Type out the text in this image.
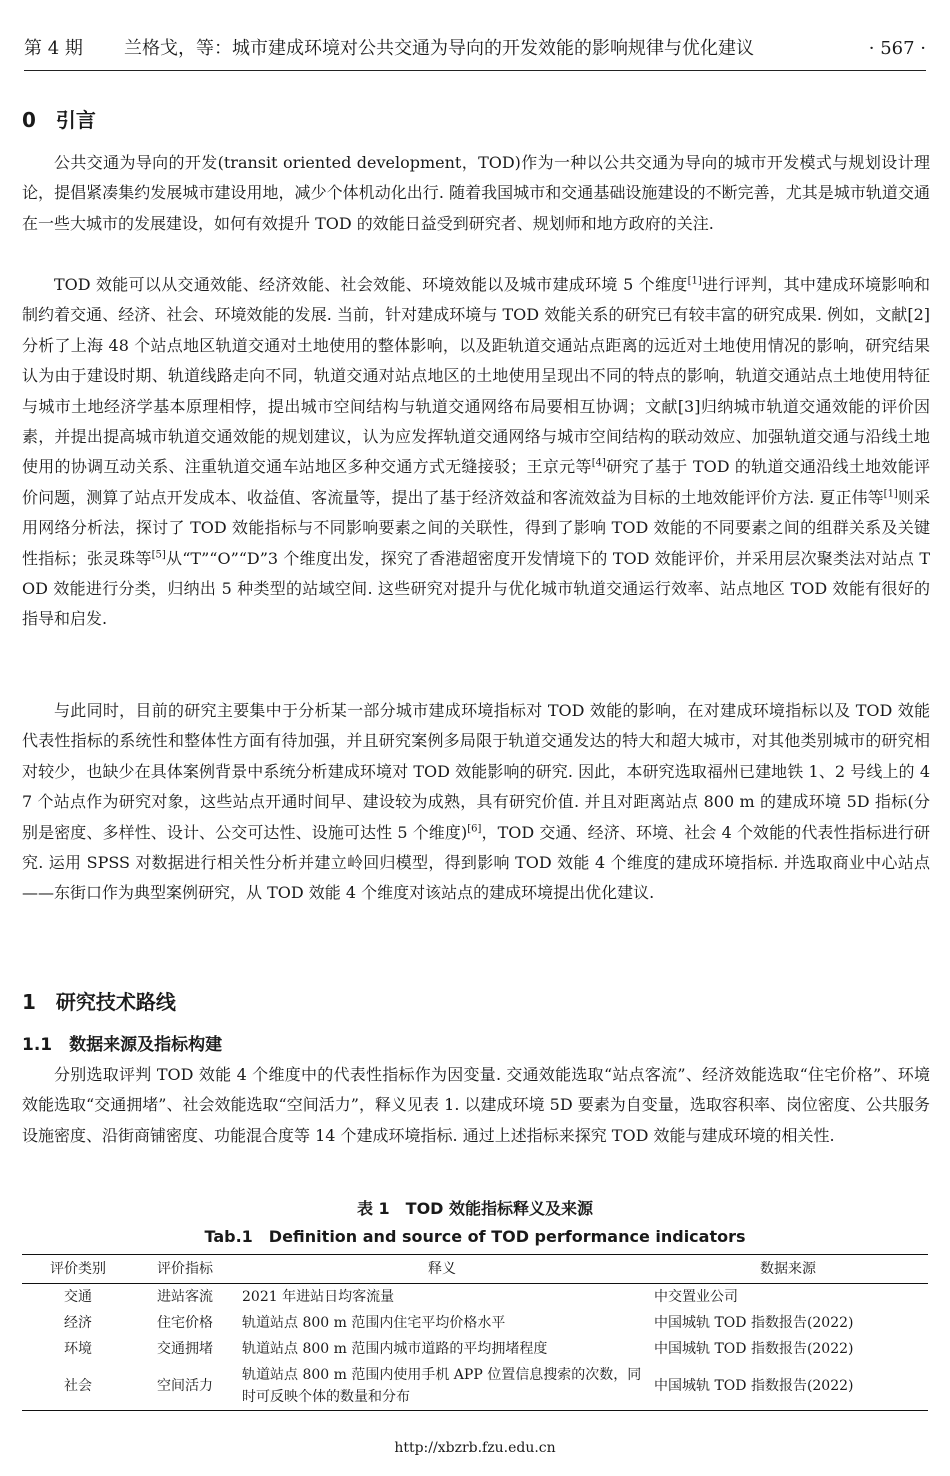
第 4 期 兰格戈，等：城市建成环境对公共交通为导向的开发效能的影响规律与优化建议	· 567 ·
0　引言

公共交通为导向的开发(transit oriented development，TOD)作为一种以公共交通为导向的城市开发模式与规划设计理论，提倡紧凑集约发展城市建设用地，减少个体机动化出行. 随着我国城市和交通基础设施建设的不断完善，尤其是城市轨道交通在一些大城市的发展建设，如何有效提升 TOD 的效能日益受到研究者、规划师和地方政府的关注.

TOD 效能可以从交通效能、经济效能、社会效能、环境效能以及城市建成环境 5 个维度[1]进行评判，其中建成环境影响和制约着交通、经济、社会、环境效能的发展. 当前，针对建成环境与 TOD 效能关系的研究已有较丰富的研究成果. 例如，文献[2]分析了上海 48 个站点地区轨道交通对土地使用的整体影响，以及距轨道交通站点距离的远近对土地使用情况的影响，研究结果认为由于建设时期、轨道线路走向不同，轨道交通对站点地区的土地使用呈现出不同的特点的影响，轨道交通站点土地使用特征与城市土地经济学基本原理相悖，提出城市空间结构与轨道交通网络布局要相互协调；文献[3]归纳城市轨道交通效能的评价因素，并提出提高城市轨道交通效能的规划建议，认为应发挥轨道交通网络与城市空间结构的联动效应、加强轨道交通与沿线土地使用的协调互动关系、注重轨道交通车站地区多种交通方式无缝接驳；王京元等[4]研究了基于 TOD 的轨道交通沿线土地效能评价问题，测算了站点开发成本、收益值、客流量等，提出了基于经济效益和客流效益为目标的土地效能评价方法. 夏正伟等[1]则采用网络分析法，探讨了 TOD 效能指标与不同影响要素之间的关联性，得到了影响 TOD 效能的不同要素之间的组群关系及关键性指标；张灵珠等[5]从“T”“O”“D”3 个维度出发，探究了香港超密度开发情境下的 TOD 效能评价，并采用层次聚类法对站点 TOD 效能进行分类，归纳出 5 种类型的站域空间. 这些研究对提升与优化城市轨道交通运行效率、站点地区 TOD 效能有很好的指导和启发.

与此同时，目前的研究主要集中于分析某一部分城市建成环境指标对 TOD 效能的影响，在对建成环境指标以及 TOD 效能代表性指标的系统性和整体性方面有待加强，并且研究案例多局限于轨道交通发达的特大和超大城市，对其他类别城市的研究相对较少，也缺少在具体案例背景中系统分析建成环境对 TOD 效能影响的研究. 因此，本研究选取福州已建地铁 1、2 号线上的 47 个站点作为研究对象，这些站点开通时间早、建设较为成熟，具有研究价值. 并且对距离站点 800 m 的建成环境 5D 指标(分别是密度、多样性、设计、公交可达性、设施可达性 5 个维度)[6]，TOD 交通、经济、环境、社会 4 个效能的代表性指标进行研究. 运用 SPSS 对数据进行相关性分析并建立岭回归模型，得到影响 TOD 效能 4 个维度的建成环境指标. 并选取商业中心站点——东街口作为典型案例研究，从 TOD 效能 4 个维度对该站点的建成环境提出优化建议.

1　研究技术路线
1.1　数据来源及指标构建

分别选取评判 TOD 效能 4 个维度中的代表性指标作为因变量. 交通效能选取“站点客流”、经济效能选取“住宅价格”、环境效能选取“交通拥堵”、社会效能选取“空间活力”，释义见表 1. 以建成环境 5D 要素为自变量，选取容积率、岗位密度、公共服务设施密度、沿街商铺密度、功能混合度等 14 个建成环境指标. 通过上述指标来探究 TOD 效能与建成环境的相关性.

表 1　TOD 效能指标释义及来源

Tab.1　Definition and source of TOD performance indicators

评价类别	评价指标	释义	数据来源
交通	进站客流	2021 年进站日均客流量	中交置业公司
经济	住宅价格	轨道站点 800 m 范围内住宅平均价格水平	中国城轨 TOD 指数报告(2022)
环境	交通拥堵	轨道站点 800 m 范围内城市道路的平均拥堵程度	中国城轨 TOD 指数报告(2022)
社会	空间活力	轨道站点 800 m 范围内使用手机 APP 位置信息搜索的次数，同时可反映个体的数量和分布	中国城轨 TOD 指数报告(2022)
http://xbzrb.fzu.edu.cn
